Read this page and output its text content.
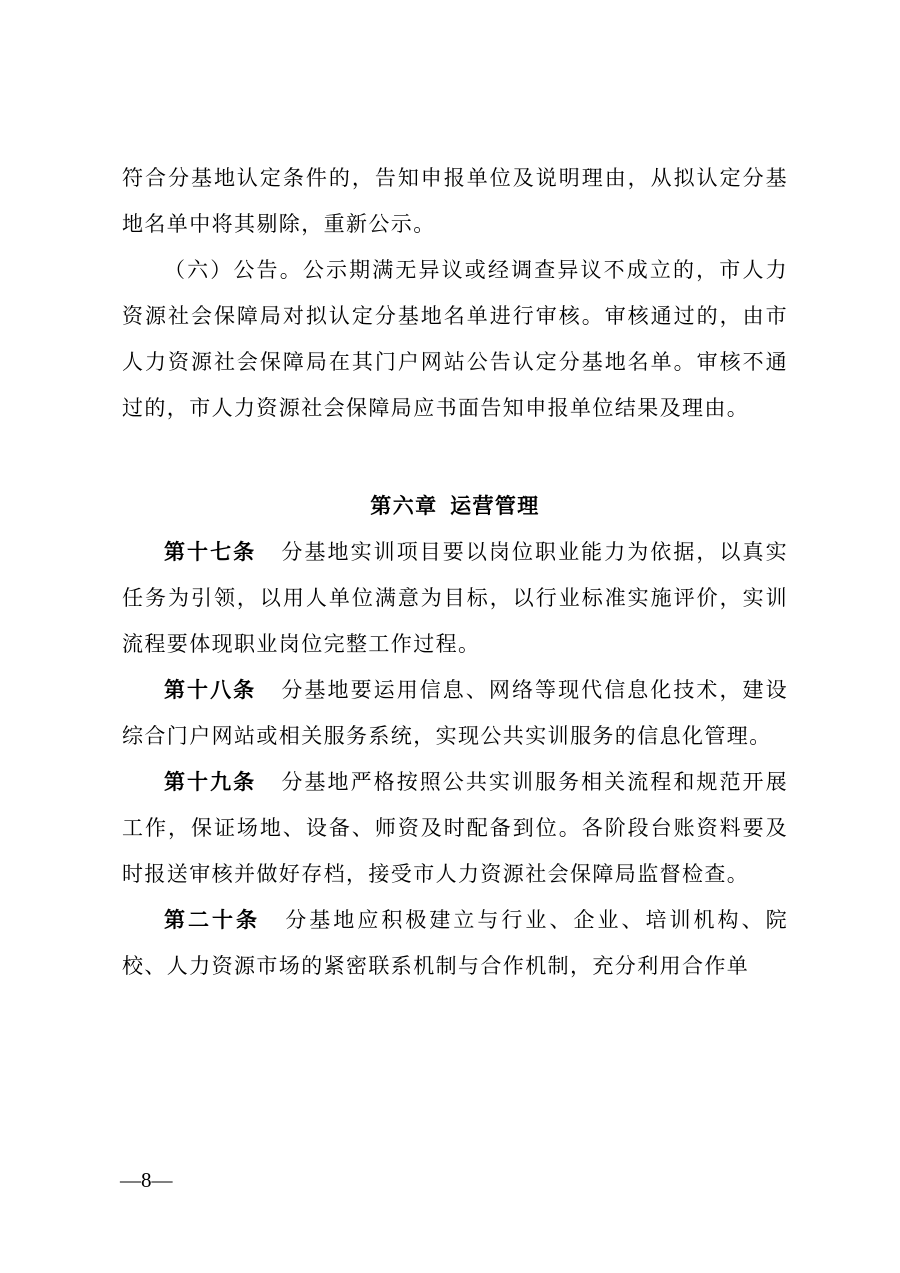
符合分基地认定条件的，告知申报单位及说明理由，从拟认定分基地名单中将其剔除，重新公示。

（六）公告。公示期满无异议或经调查异议不成立的，市人力资源社会保障局对拟认定分基地名单进行审核。审核通过的，由市人力资源社会保障局在其门户网站公告认定分基地名单。审核不通过的，市人力资源社会保障局应书面告知申报单位结果及理由。

第六章 运营管理

第十七条 分基地实训项目要以岗位职业能力为依据，以真实任务为引领，以用人单位满意为目标，以行业标准实施评价，实训流程要体现职业岗位完整工作过程。

第十八条 分基地要运用信息、网络等现代信息化技术，建设综合门户网站或相关服务系统，实现公共实训服务的信息化管理。

第十九条 分基地严格按照公共实训服务相关流程和规范开展工作，保证场地、设备、师资及时配备到位。各阶段台账资料要及时报送审核并做好存档，接受市人力资源社会保障局监督检查。

第二十条 分基地应积极建立与行业、企业、培训机构、院校、人力资源市场的紧密联系机制与合作机制，充分利用合作单

—8—
